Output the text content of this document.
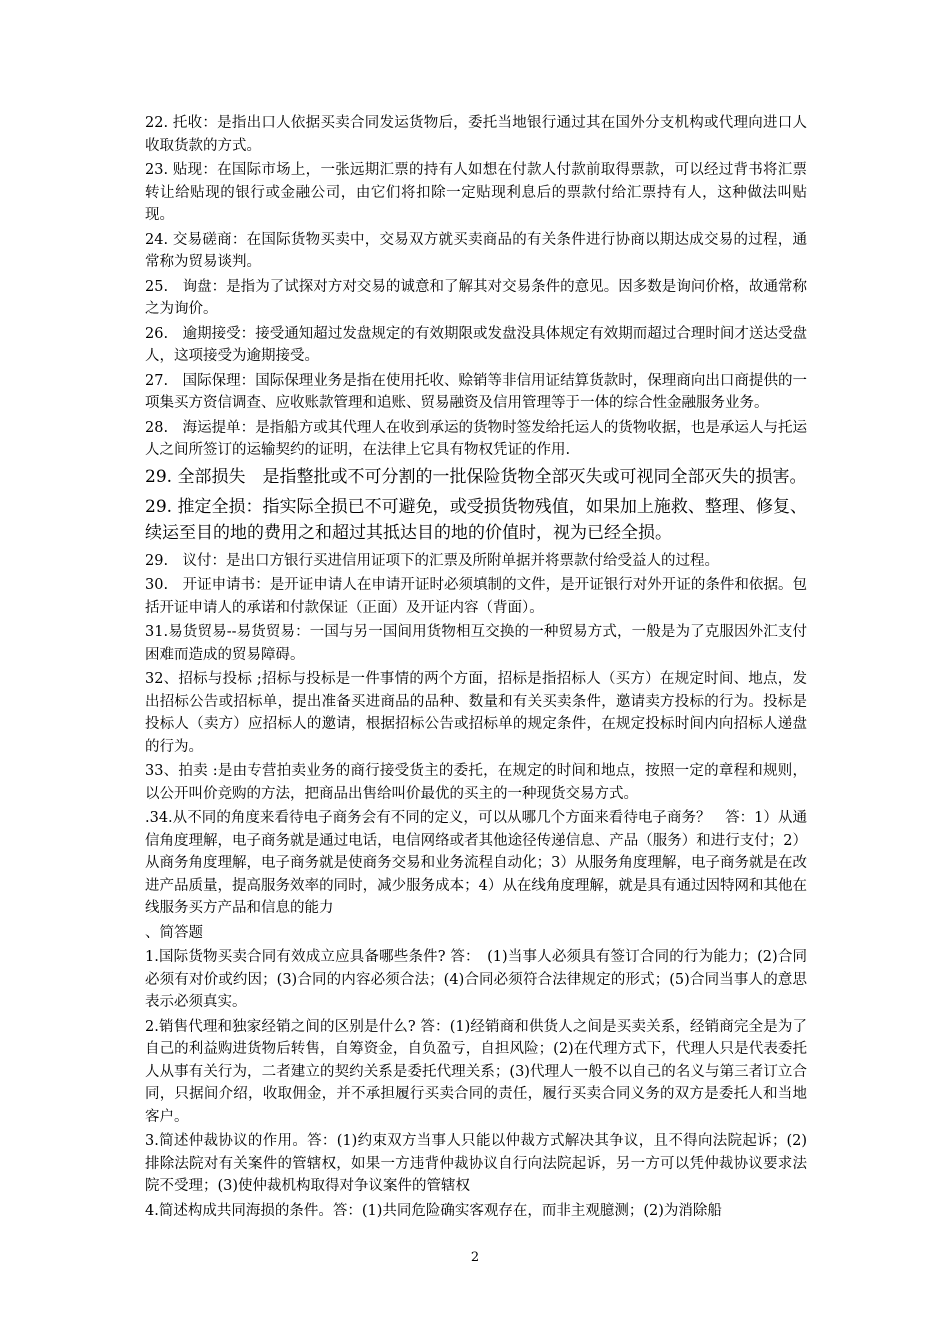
22. 托收：是指出口人依据买卖合同发运货物后，委托当地银行通过其在国外分支机构或代理向进口人收取货款的方式。

23. 贴现：在国际市场上，一张远期汇票的持有人如想在付款人付款前取得票款，可以经过背书将汇票转让给贴现的银行或金融公司，由它们将扣除一定贴现利息后的票款付给汇票持有人，这种做法叫贴现。

24. 交易磋商：在国际货物买卖中，交易双方就买卖商品的有关条件进行协商以期达成交易的过程，通常称为贸易谈判。

25.　询盘：是指为了试探对方对交易的诚意和了解其对交易条件的意见。因多数是询问价格，故通常称之为询价。

26.　逾期接受：接受通知超过发盘规定的有效期限或发盘没具体规定有效期而超过合理时间才送达受盘人，这项接受为逾期接受。

27.　国际保理：国际保理业务是指在使用托收、赊销等非信用证结算货款时，保理商向出口商提供的一项集买方资信调查、应收账款管理和追账、贸易融资及信用管理等于一体的综合性金融服务业务。

28.　海运提单：是指船方或其代理人在收到承运的货物时签发给托运人的货物收据，也是承运人与托运人之间所签订的运输契约的证明，在法律上它具有物权凭证的作用.

29. 全部损失　是指整批或不可分割的一批保险货物全部灭失或可视同全部灭失的损害。

29. 推定全损：指实际全损已不可避免，或受损货物残值，如果加上施救、整理、修复、续运至目的地的费用之和超过其抵达目的地的价值时，视为已经全损。

29.　议付：是出口方银行买进信用证项下的汇票及所附单据并将票款付给受益人的过程。

30.　开证申请书：是开证申请人在申请开证时必须填制的文件，是开证银行对外开证的条件和依据。包括开证申请人的承诺和付款保证（正面）及开证内容（背面）。

31.易货贸易--易货贸易：一国与另一国间用货物相互交换的一种贸易方式，一般是为了克服因外汇支付困难而造成的贸易障碍。

32、招标与投标 ;招标与投标是一件事情的两个方面，招标是指招标人（买方）在规定时间、地点，发出招标公告或招标单，提出准备买进商品的品种、数量和有关买卖条件，邀请卖方投标的行为。投标是投标人（卖方）应招标人的邀请，根据招标公告或招标单的规定条件，在规定投标时间内向招标人递盘的行为。

33、拍卖 :是由专营拍卖业务的商行接受货主的委托，在规定的时间和地点，按照一定的章程和规则，以公开叫价竞购的方法，把商品出售给叫价最优的买主的一种现货交易方式。

.34.从不同的角度来看待电子商务会有不同的定义，可以从哪几个方面来看待电子商务？　答：1）从通信角度理解，电子商务就是通过电话，电信网络或者其他途径传递信息、产品（服务）和进行支付；2）从商务角度理解，电子商务就是使商务交易和业务流程自动化；3）从服务角度理解，电子商务就是在改进产品质量，提高服务效率的同时，减少服务成本；4）从在线角度理解，就是具有通过因特网和其他在线服务买方产品和信息的能力

、简答题

1.国际货物买卖合同有效成立应具备哪些条件? 答：　(1)当事人必须具有签订合同的行为能力；(2)合同必须有对价或约因；(3)合同的内容必须合法；(4)合同必须符合法律规定的形式；(5)合同当事人的意思表示必须真实。

2.销售代理和独家经销之间的区别是什么? 答：(1)经销商和供货人之间是买卖关系，经销商完全是为了自己的利益购进货物后转售，自筹资金，自负盈亏，自担风险；(2)在代理方式下，代理人只是代表委托人从事有关行为，二者建立的契约关系是委托代理关系；(3)代理人一般不以自己的名义与第三者订立合同，只据间介绍，收取佣金，并不承担履行买卖合同的责任，履行买卖合同义务的双方是委托人和当地客户。

3.简述仲裁协议的作用。答：(1)约束双方当事人只能以仲裁方式解决其争议，且不得向法院起诉；(2)排除法院对有关案件的管辖权，如果一方违背仲裁协议自行向法院起诉，另一方可以凭仲裁协议要求法院不受理；(3)使仲裁机构取得对争议案件的管辖权

4.简述构成共同海损的条件。答：(1)共同危险确实客观存在，而非主观臆测；(2)为消除船

2
